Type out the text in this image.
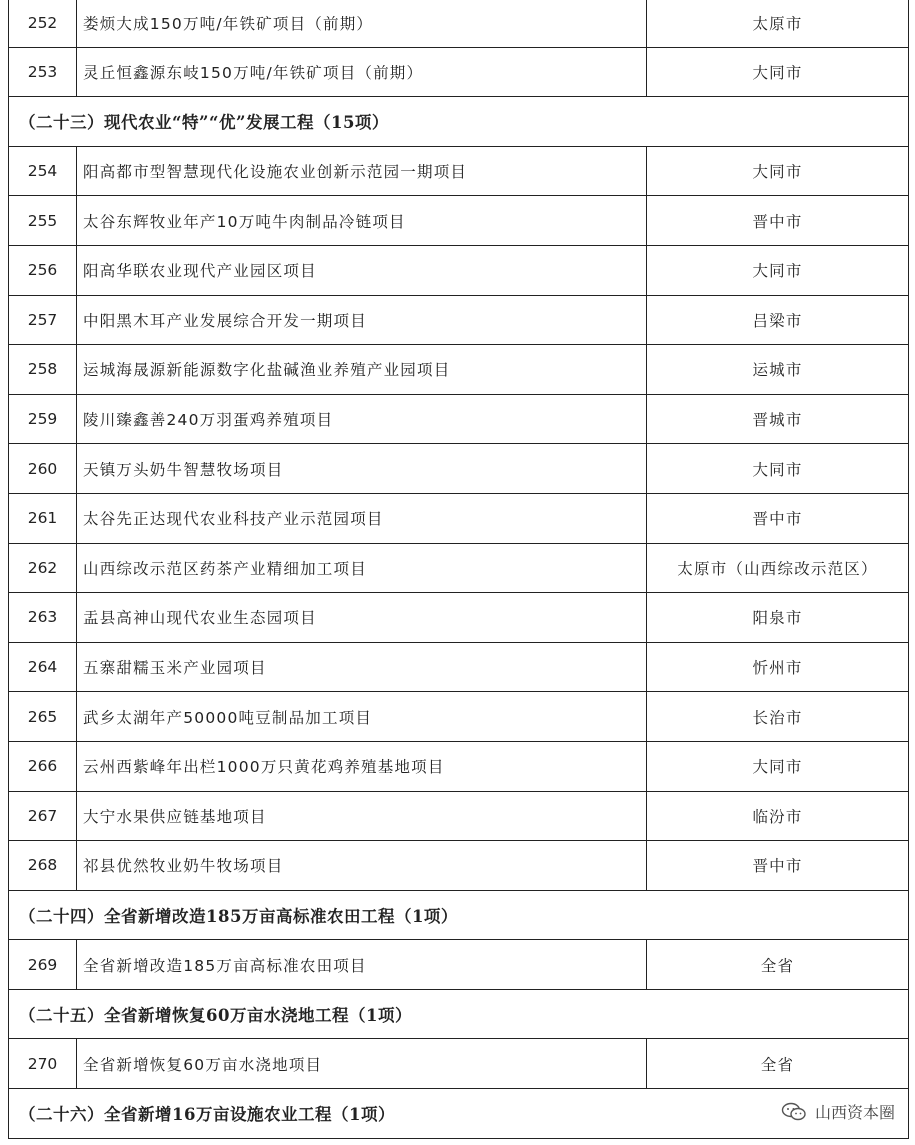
252	娄烦大成150万吨/年铁矿项目（前期）	太原市
253	灵丘恒鑫源东岐150万吨/年铁矿项目（前期）	大同市
（二十三）现代农业“特”“优”发展工程（15项）
254	阳高都市型智慧现代化设施农业创新示范园一期项目	大同市
255	太谷东辉牧业年产10万吨牛肉制品冷链项目	晋中市
256	阳高华联农业现代产业园区项目	大同市
257	中阳黑木耳产业发展综合开发一期项目	吕梁市
258	运城海晟源新能源数字化盐碱渔业养殖产业园项目	运城市
259	陵川臻鑫善240万羽蛋鸡养殖项目	晋城市
260	天镇万头奶牛智慧牧场项目	大同市
261	太谷先正达现代农业科技产业示范园项目	晋中市
262	山西综改示范区药茶产业精细加工项目	太原市（山西综改示范区）
263	盂县高神山现代农业生态园项目	阳泉市
264	五寨甜糯玉米产业园项目	忻州市
265	武乡太湖年产50000吨豆制品加工项目	长治市
266	云州西紫峰年出栏1000万只黄花鸡养殖基地项目	大同市
267	大宁水果供应链基地项目	临汾市
268	祁县优然牧业奶牛牧场项目	晋中市
（二十四）全省新增改造185万亩高标准农田工程（1项）
269	全省新增改造185万亩高标准农田项目	全省
（二十五）全省新增恢复60万亩水浇地工程（1项）
270	全省新增恢复60万亩水浇地项目	全省
（二十六）全省新增16万亩设施农业工程（1项）	山西资本圈
